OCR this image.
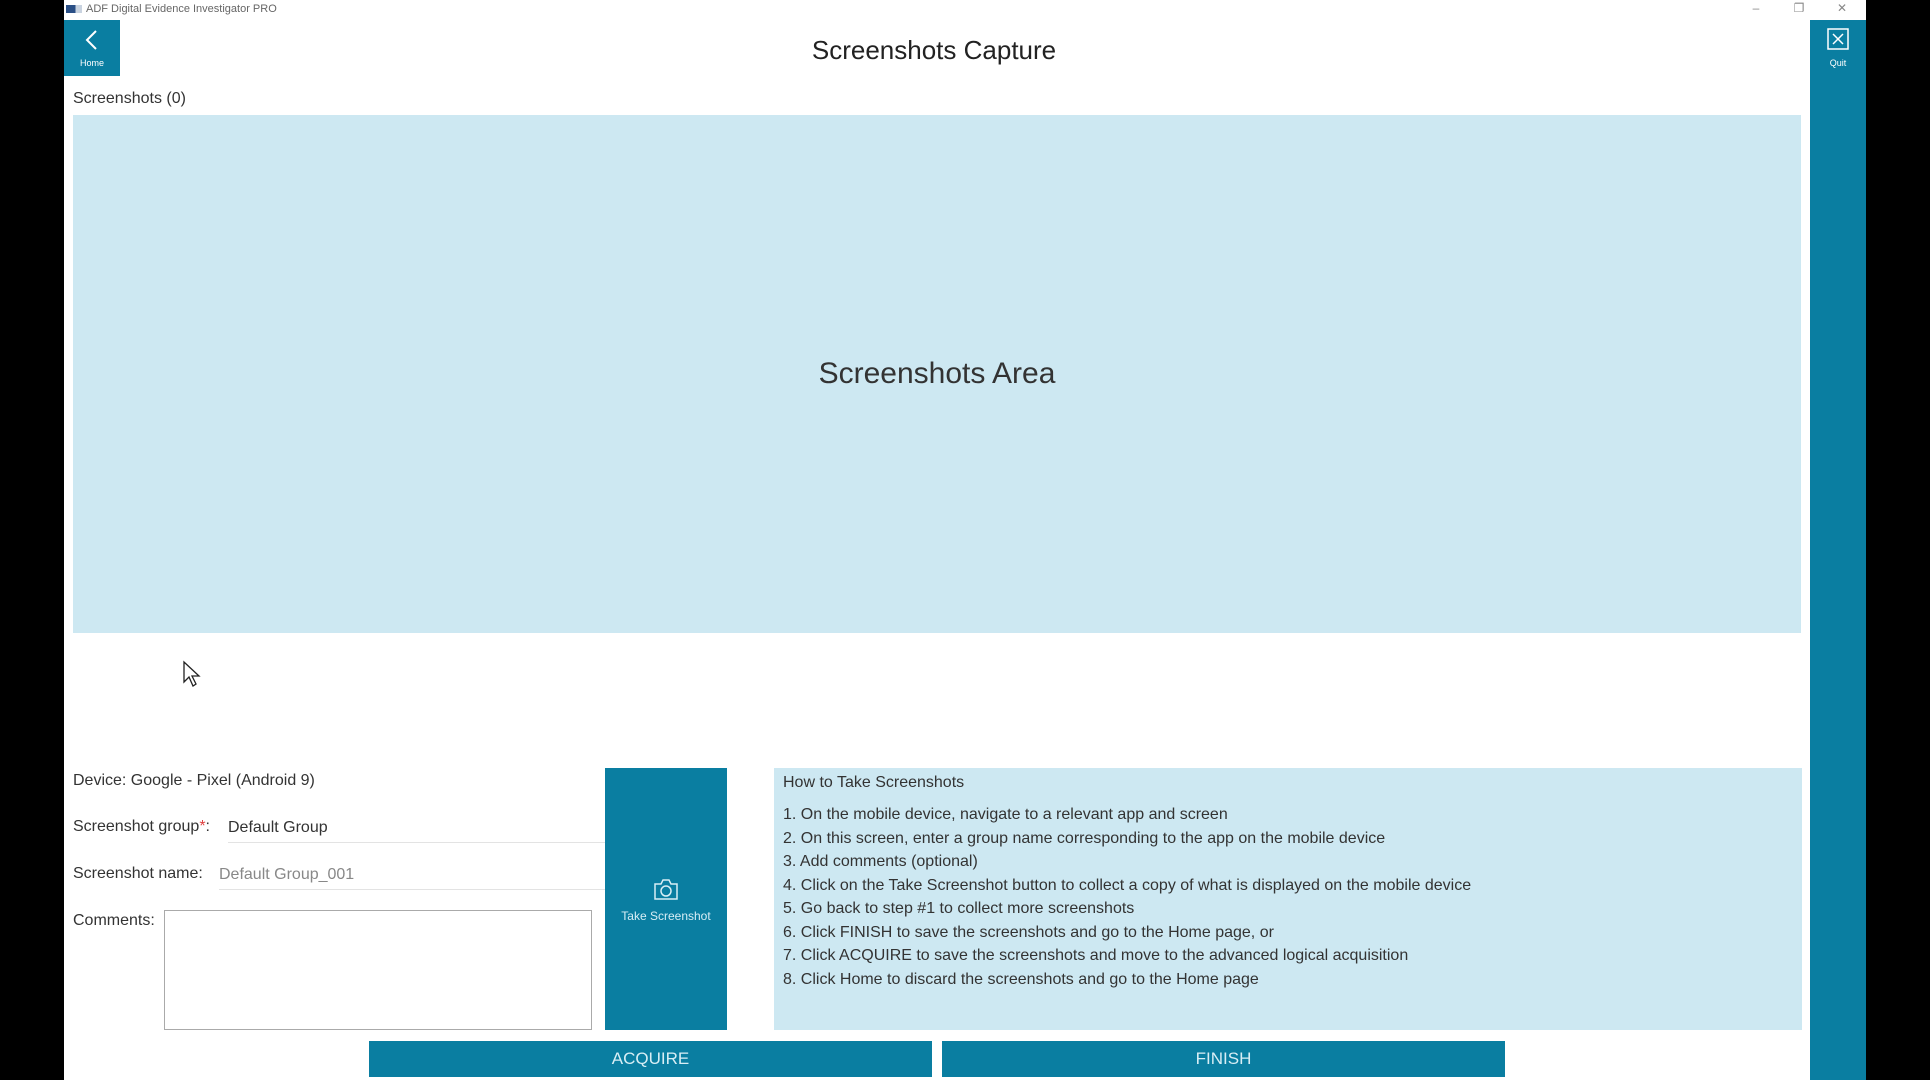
ADF Digital Evidence Investigator PRO	–	❐	✕
Home	Screenshots Capture	Quit
Screenshots (0)
Screenshots Area
Device: Google - Pixel (Android 9)
Screenshot group*:
Default Group
Screenshot name:
Default Group_001
Comments:	Take Screenshot
How to Take Screenshots
1. On the mobile device, navigate to a relevant app and screen
2. On this screen, enter a group name corresponding to the app on the mobile device
3. Add comments (optional)
4. Click on the Take Screenshot button to collect a copy of what is displayed on the mobile device
5. Go back to step #1 to collect more screenshots
6. Click FINISH to save the screenshots and go to the Home page, or
7. Click ACQUIRE to save the screenshots and move to the advanced logical acquisition
8. Click Home to discard the screenshots and go to the Home page
ACQUIRE	FINISH
